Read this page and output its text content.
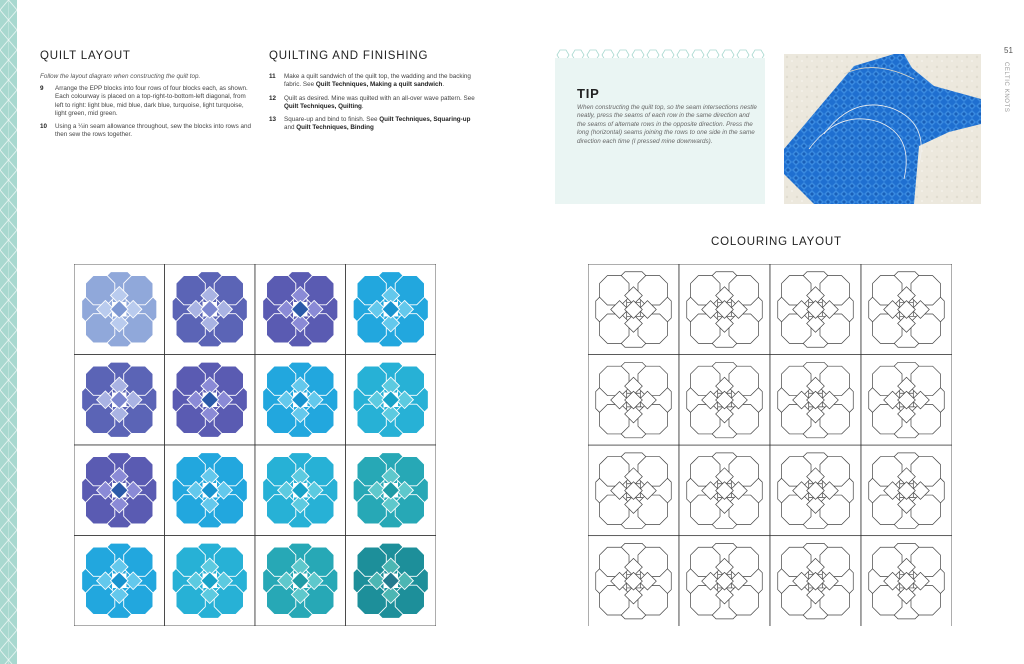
QUILT LAYOUT

Follow the layout diagram when constructing the quilt top.

9 Arrange the EPP blocks into four rows of four blocks each, as shown. Each colourway is placed on a top-right-to-bottom-left diagonal, from left to right: light blue, mid blue, dark blue, turquoise, light turquoise, light green, mid green.
10 Using a ¼in seam allowance throughout, sew the blocks into rows and then sew the rows together.
QUILTING AND FINISHING
11 Make a quilt sandwich of the quilt top, the wadding and the backing fabric. See Quilt Techniques, Making a quilt sandwich.
12 Quilt as desired. Mine was quilted with an all-over wave pattern. See Quilt Techniques, Quilting.
13 Square-up and bind to finish. See Quilt Techniques, Squaring-up and Quilt Techniques, Binding
TIP

When constructing the quilt top, so the seam intersections nestle neatly, press the seams of each row in the same direction and the seams of alternate rows in the opposite direction. Press the long (horizontal) seams joining the rows to one side in the same direction each time (I pressed mine downwards).

51
CELTIC KNOTS
COLOURING LAYOUT
